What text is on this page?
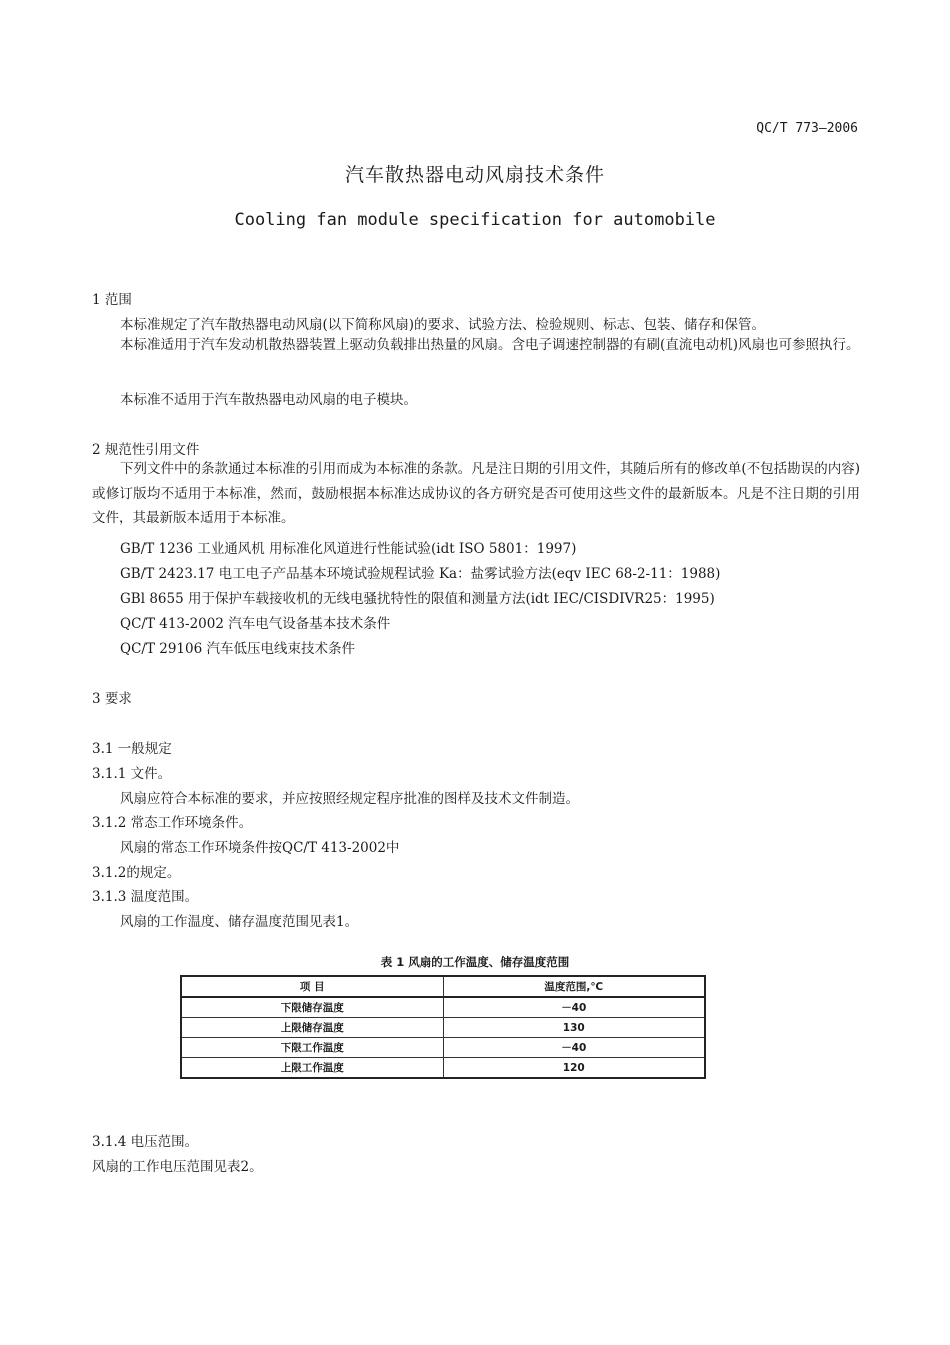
QC/T 773—2006
汽车散热器电动风扇技术条件
Cooling fan module specification for automobile
1 范围
本标准规定了汽车散热器电动风扇(以下简称风扇)的要求、试验方法、检验规则、标志、包装、储存和保管。
本标准适用于汽车发动机散热器装置上驱动负载排出热量的风扇。含电子调速控制器的有刷(直流电动机)风扇也可参照执行。
本标准不适用于汽车散热器电动风扇的电子模块。
2 规范性引用文件
下列文件中的条款通过本标准的引用而成为本标准的条款。凡是注日期的引用文件，其随后所有的修改单(不包括勘误的内容)或修订版均不适用于本标准，然而，鼓励根据本标准达成协议的各方研究是否可使用这些文件的最新版本。凡是不注日期的引用文件，其最新版本适用于本标准。
GB/T 1236 工业通风机 用标准化风道进行性能试验(idt ISO 5801：1997)
GB/T 2423.17 电工电子产品基本环境试验规程试验 Ka：盐雾试验方法(eqv IEC 68-2-11：1988)
GBl 8655 用于保护车载接收机的无线电骚扰特性的限值和测量方法(idt IEC/CISDIVR25：1995)
QC/T 413-2002 汽车电气设备基本技术条件
QC/T 29106 汽车低压电线束技术条件
3 要求
3.1 一般规定
3.1.1 文件。
风扇应符合本标准的要求，并应按照经规定程序批准的图样及技术文件制造。
3.1.2 常态工作环境条件。
风扇的常态工作环境条件按QC/T 413-2002中
3.1.2的规定。
3.1.3 温度范围。
风扇的工作温度、储存温度范围见表1。
表 1 风扇的工作温度、储存温度范围
项 目	温度范围,℃
下限储存温度	－40
上限储存温度	130
下限工作温度	－40
上限工作温度	120
3.1.4 电压范围。
风扇的工作电压范围见表2。
